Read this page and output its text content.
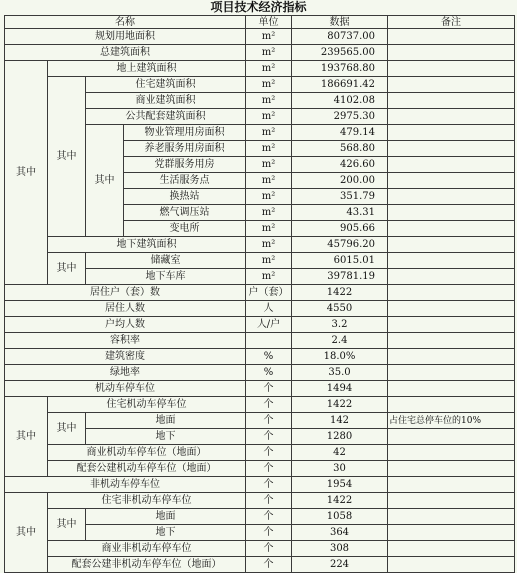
项目技术经济指标
名称				单位	数据	备注
规划用地面积				m²	80737.00	
总建筑面积				m²	239565.00	
其中	地上建筑面积			m²	193768.80	
	其中	住宅建筑面积		m²	186691.42	
		商业建筑面积		m²	4102.08	
		公共配套建筑面积		m²	2975.30	
		其中	物业管理用房面积	m²	479.14	
			养老服务用房面积	m²	568.80	
			党群服务用房	m²	426.60	
			生活服务点	m²	200.00	
			换热站	m²	351.79	
			燃气调压站	m²	43.31	
			变电所	m²	905.66	
	地下建筑面积			m²	45796.20	
	其中	储藏室		m²	6015.01	
		地下车库		m²	39781.19	
居住户（套）数				户（套）	1422	
居住人数				人	4550	
户均人数				人/户	3.2	
容积率					2.4	
建筑密度				%	18.0%	
绿地率				%	35.0	
机动车停车位				个	1494	
其中	住宅机动车停车位			个	1422	
	其中	地面		个	142	占住宅总停车位的10%
		地下		个	1280	
	商业机动车停车位（地面）			个	42	
	配套公建机动车停车位（地面）			个	30	
非机动车停车位				个	1954	
其中	住宅非机动车停车位			个	1422	
	其中	地面		个	1058	
		地下		个	364	
	商业非机动车停车位			个	308	
	配套公建非机动车停车位（地面）			个	224	
